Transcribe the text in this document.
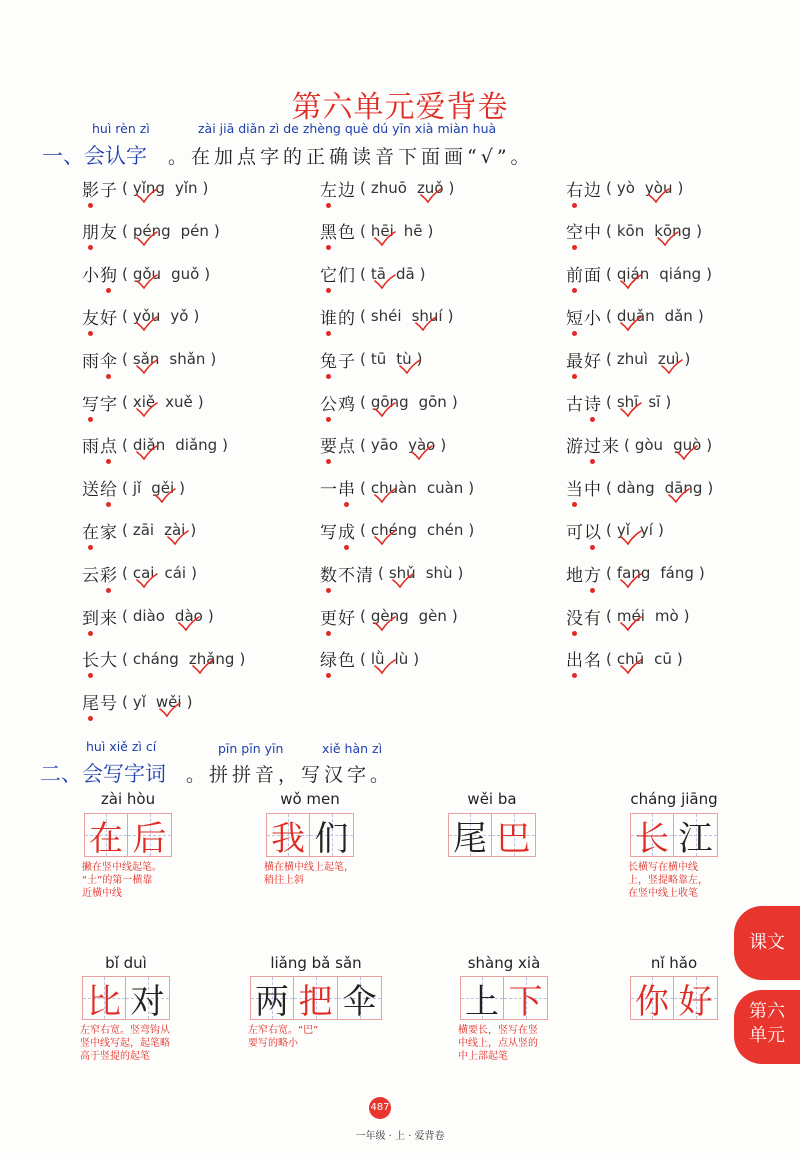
第六单元爱背卷
huì rèn zì	zài jiā diǎn zì de zhèng què dú yīn xià miàn huà
一、会认字 。在加点字的正确读音下面画“√”。
影子 ( yǐng yǐn )
朋友 ( péng pén )
小狗 ( gǒu guǒ )
友好 ( yǒu yǒ )
雨伞 ( sǎn shǎn )
写字 ( xiě xuě )
雨点 ( diǎn diǎng )
送给 ( jǐ gěi )
在家 ( zāi zài )
云彩 ( cai cái )
到来 ( diào dào )
长大 ( cháng zhǎng )
尾号 ( yǐ wěi )
左边 ( zhuō zuǒ )
黑色 ( hēi hē )
它们 ( tā dā )
谁的 ( shéi shuí )
兔子 ( tū tù )
公鸡 ( gōng gōn )
要点 ( yāo yào )
一串 ( chuàn cuàn )
写成 ( chéng chén )
数不清 ( shǔ shù )
更好 ( gèng gèn )
绿色 ( lǜ lù )
右边 ( yò yòu )
空中 ( kōn kōng )
前面 ( qián qiáng )
短小 ( duǎn dǎn )
最好 ( zhuì zuì )
古诗 ( shī sī )
游过来 ( gòu guò )
当中 ( dàng dāng )
可以 ( yǐ yí )
地方 ( fang fáng )
没有 ( méi mò )
出名 ( chū cū )
huì xiě zì cí	pīn pīn yīn	xiě hàn zì
二、会写字词 。拼拼音，写汉字。
zài hòu
在 后
撇在竖中线起笔。
“土”的第一横靠
近横中线
wǒ men
我 们
横在横中线上起笔，
稍往上斜
wěi ba
尾 巴
cháng jiāng
长 江
长横写在横中线
上，竖提略靠左，
在竖中线上收笔
bǐ duì
比 对
左窄右宽。竖弯钩从
竖中线写起，起笔略
高于竖提的起笔
liǎng bǎ sǎn
两 把 伞
左窄右宽。“巴”
要写的略小
shàng xià
上 下
横要长，竖写在竖
中线上，点从竖的
中上部起笔
nǐ hǎo
你 好
课文
第六
单元
487
一年级 · 上 · 爱背卷
